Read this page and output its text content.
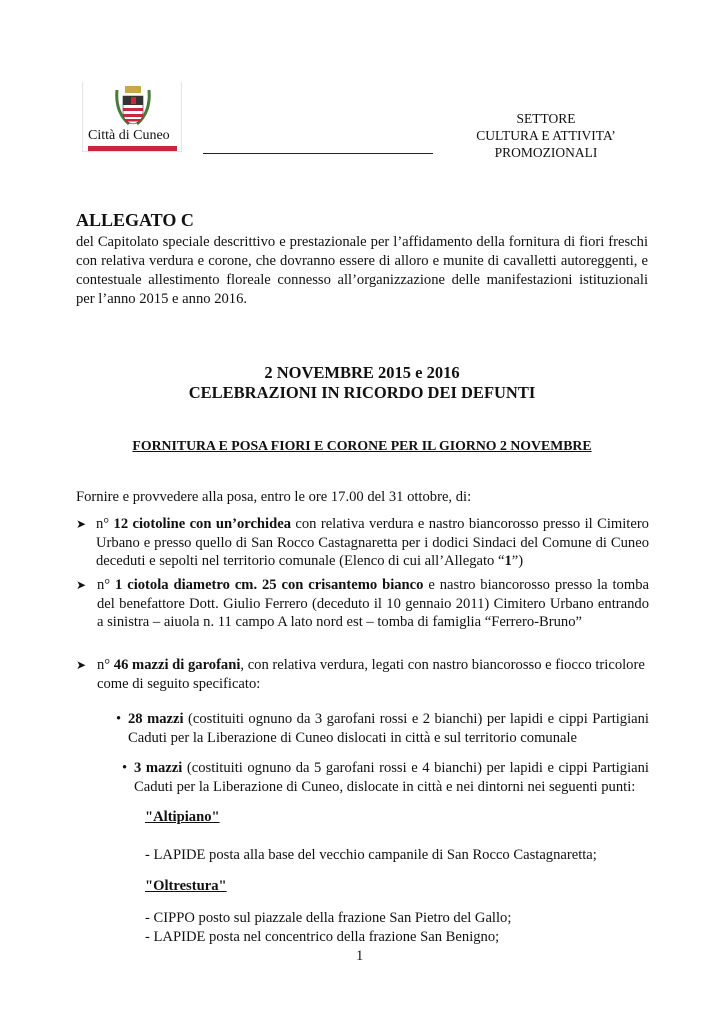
Città di Cuneo
SETTORE
CULTURA E ATTIVITA’
PROMOZIONALI
ALLEGATO C
del Capitolato speciale descrittivo e prestazionale per l’affidamento della fornitura di fiori freschi con relativa verdura e corone, che dovranno essere di alloro e munite di cavalletti autoreggenti, e contestuale allestimento floreale connesso all’organizzazione delle manifestazioni istituzionali per l’anno 2015 e anno 2016.
2 NOVEMBRE 2015 e 2016
CELEBRAZIONI IN RICORDO DEI DEFUNTI
FORNITURA E POSA FIORI E CORONE PER IL GIORNO 2 NOVEMBRE
Fornire e provvedere alla posa, entro le ore 17.00 del 31 ottobre, di:
➤ n° 12 ciotoline con un’orchidea con relativa verdura e nastro biancorosso presso il Cimitero Urbano e presso quello di San Rocco Castagnaretta per i dodici Sindaci del Comune di Cuneo deceduti e sepolti nel territorio comunale (Elenco di cui all’Allegato “1”)
➤ n° 1 ciotola diametro cm. 25 con crisantemo bianco e nastro biancorosso presso la tomba del benefattore Dott. Giulio Ferrero (deceduto il 10 gennaio 2011) Cimitero Urbano entrando a sinistra – aiuola n. 11 campo A lato nord est – tomba di famiglia “Ferrero-Bruno”
➤ n° 46 mazzi di garofani, con relativa verdura, legati con nastro biancorosso e fiocco tricolore come di seguito specificato:
• 28 mazzi (costituiti ognuno da 3 garofani rossi e 2 bianchi) per lapidi e cippi Partigiani Caduti per la Liberazione di Cuneo dislocati in città e sul territorio comunale
• 3 mazzi (costituiti ognuno da 5 garofani rossi e 4 bianchi) per lapidi e cippi Partigiani Caduti per la Liberazione di Cuneo, dislocate in città e nei dintorni nei seguenti punti:
"Altipiano"
- LAPIDE posta alla base del vecchio campanile di San Rocco Castagnaretta;
"Oltrestura"
- CIPPO posto sul piazzale della frazione San Pietro del Gallo;
- LAPIDE posta nel concentrico della frazione San Benigno;
1
